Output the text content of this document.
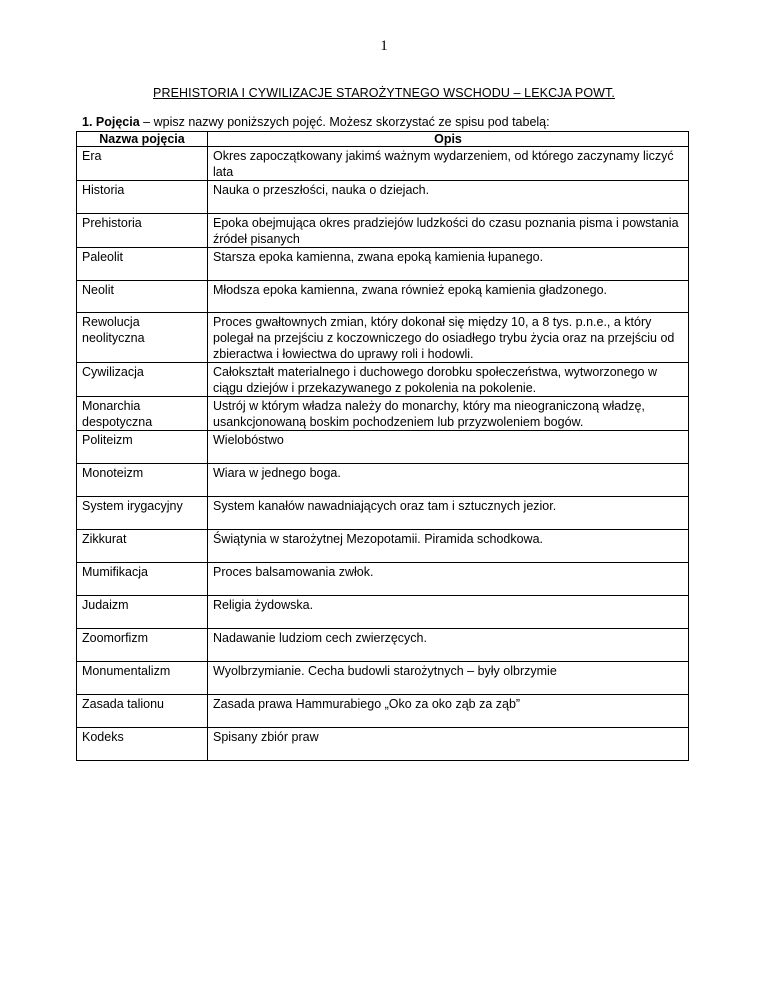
1
PREHISTORIA I CYWILIZACJE STAROŻYTNEGO WSCHODU – LEKCJA POWT.
1. Pojęcia – wpisz nazwy poniższych pojęć. Możesz skorzystać ze spisu pod tabelą:
Nazwa pojęcia	Opis
Era	Okres zapoczątkowany jakimś ważnym wydarzeniem, od którego zaczynamy liczyć lata
Historia	Nauka o przeszłości, nauka o dziejach.
Prehistoria	Epoka obejmująca okres pradziejów ludzkości do czasu poznania pisma i powstania źródeł pisanych
Paleolit	Starsza epoka kamienna, zwana epoką kamienia łupanego.
Neolit	Młodsza epoka kamienna, zwana również epoką kamienia gładzonego.
Rewolucja neolityczna	Proces gwałtownych zmian, który dokonał się między 10, a 8 tys. p.n.e., a który polegał na przejściu z koczowniczego do osiadłego trybu życia oraz na przejściu od zbieractwa i łowiectwa do uprawy roli i hodowli.
Cywilizacja	Całokształt materialnego i duchowego dorobku społeczeństwa, wytworzonego w ciągu dziejów i przekazywanego z pokolenia na pokolenie.
Monarchia despotyczna	Ustrój w którym władza należy do monarchy, który ma nieograniczoną władzę, usankcjonowaną boskim pochodzeniem lub przyzwoleniem bogów.
Politeizm	Wielobóstwo
Monoteizm	Wiara w jednego boga.
System irygacyjny	System kanałów nawadniających oraz tam i sztucznych jezior.
Zikkurat	Świątynia w starożytnej Mezopotamii. Piramida schodkowa.
Mumifikacja	Proces balsamowania zwłok.
Judaizm	Religia żydowska.
Zoomorfizm	Nadawanie ludziom cech zwierzęcych.
Monumentalizm	Wyolbrzymianie. Cecha budowli starożytnych – były olbrzymie
Zasada talionu	Zasada prawa Hammurabiego „Oko za oko ząb za ząb”
Kodeks	Spisany zbiór praw
